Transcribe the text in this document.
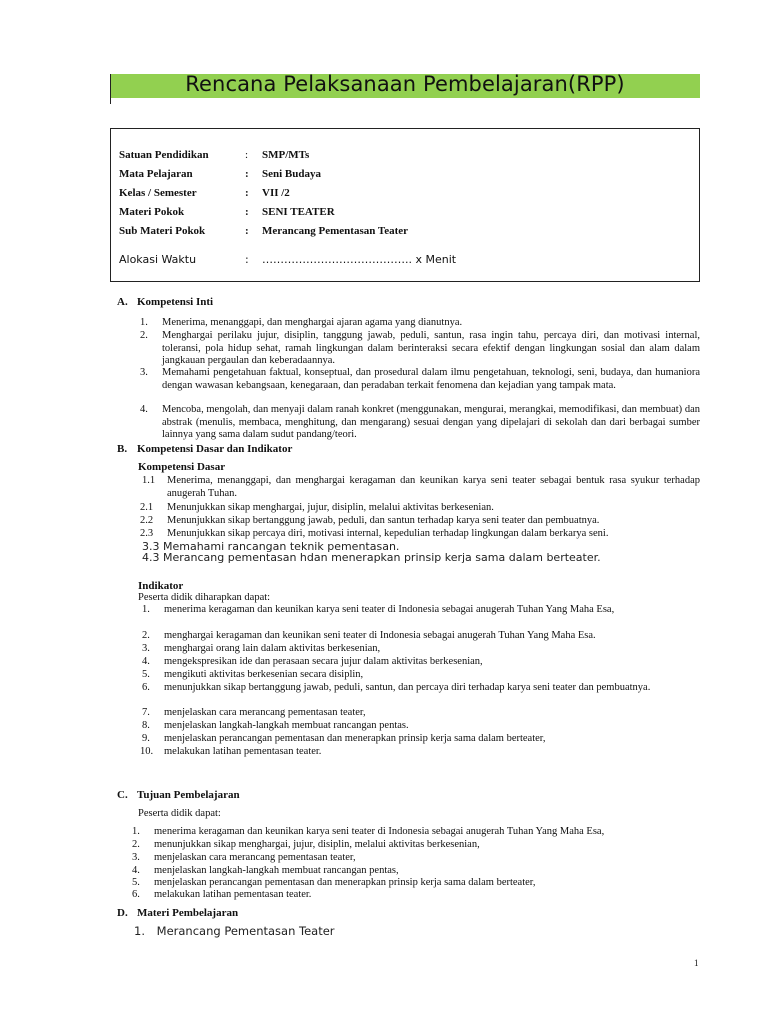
Rencana Pelaksanaan Pembelajaran(RPP)
Satuan Pendidikan	: SMP/MTs
Mata Pelajaran	: Seni Budaya
Kelas / Semester	: VII /2
Materi Pokok	: SENI TEATER
Sub Materi Pokok	: Merancang Pementasan Teater
Alokasi Waktu	: ………………………………….. x Menit
A. Kompetensi Inti
1. Menerima, menanggapi, dan menghargai ajaran agama yang dianutnya.
2. Menghargai perilaku jujur, disiplin, tanggung jawab, peduli, santun, rasa ingin tahu, percaya diri, dan motivasi internal, toleransi, pola hidup sehat, ramah lingkungan dalam berinteraksi secara efektif dengan lingkungan sosial dan alam dalam jangkauan pergaulan dan keberadaannya.
3. Memahami pengetahuan faktual, konseptual, dan prosedural dalam ilmu pengetahuan, teknologi, seni, budaya, dan humaniora dengan wawasan kebangsaan, kenegaraan, dan peradaban terkait fenomena dan kejadian yang tampak mata.
4. Mencoba, mengolah, dan menyaji dalam ranah konkret (menggunakan, mengurai, merangkai, memodifikasi, dan membuat) dan abstrak (menulis, membaca, menghitung, dan mengarang) sesuai dengan yang dipelajari di sekolah dan dari berbagai sumber lainnya yang sama dalam sudut pandang/teori.
B. Kompetensi Dasar dan Indikator
Kompetensi Dasar
1.1 Menerima, menanggapi, dan menghargai keragaman dan keunikan karya seni teater sebagai bentuk rasa syukur terhadap anugerah Tuhan.
2.1 Menunjukkan sikap menghargai, jujur, disiplin, melalui aktivitas berkesenian.
2.2 Menunjukkan sikap bertanggung jawab, peduli, dan santun terhadap karya seni teater dan pembuatnya.
2.3 Menunjukkan sikap percaya diri, motivasi internal, kepedulian terhadap lingkungan dalam berkarya seni.
3.3 Memahami rancangan teknik pementasan.
4.3 Merancang pementasan hdan menerapkan prinsip kerja sama dalam berteater.
Indikator
Peserta didik diharapkan dapat:
1. menerima keragaman dan keunikan karya seni teater di Indonesia sebagai anugerah Tuhan Yang Maha Esa,
2. menghargai keragaman dan keunikan seni teater di Indonesia sebagai anugerah Tuhan Yang Maha Esa.
3. menghargai orang lain dalam aktivitas berkesenian,
4. mengekspresikan ide dan perasaan secara jujur dalam aktivitas berkesenian,
5. mengikuti aktivitas berkesenian secara disiplin,
6. menunjukkan sikap bertanggung jawab, peduli, santun, dan percaya diri terhadap karya seni teater dan pembuatnya.
7. menjelaskan cara merancang pementasan teater,
8. menjelaskan langkah-langkah membuat rancangan pentas.
9. menjelaskan perancangan pementasan dan menerapkan prinsip kerja sama dalam berteater,
10. melakukan latihan pementasan teater.
C. Tujuan Pembelajaran
Peserta didik dapat:
1. menerima keragaman dan keunikan karya seni teater di Indonesia sebagai anugerah Tuhan Yang Maha Esa,
2. menunjukkan sikap menghargai, jujur, disiplin, melalui aktivitas berkesenian,
3. menjelaskan cara merancang pementasan teater,
4. menjelaskan langkah-langkah membuat rancangan pentas,
5. menjelaskan perancangan pementasan dan menerapkan prinsip kerja sama dalam berteater,
6. melakukan latihan pementasan teater.
D. Materi Pembelajaran
1. Merancang Pementasan Teater
1
